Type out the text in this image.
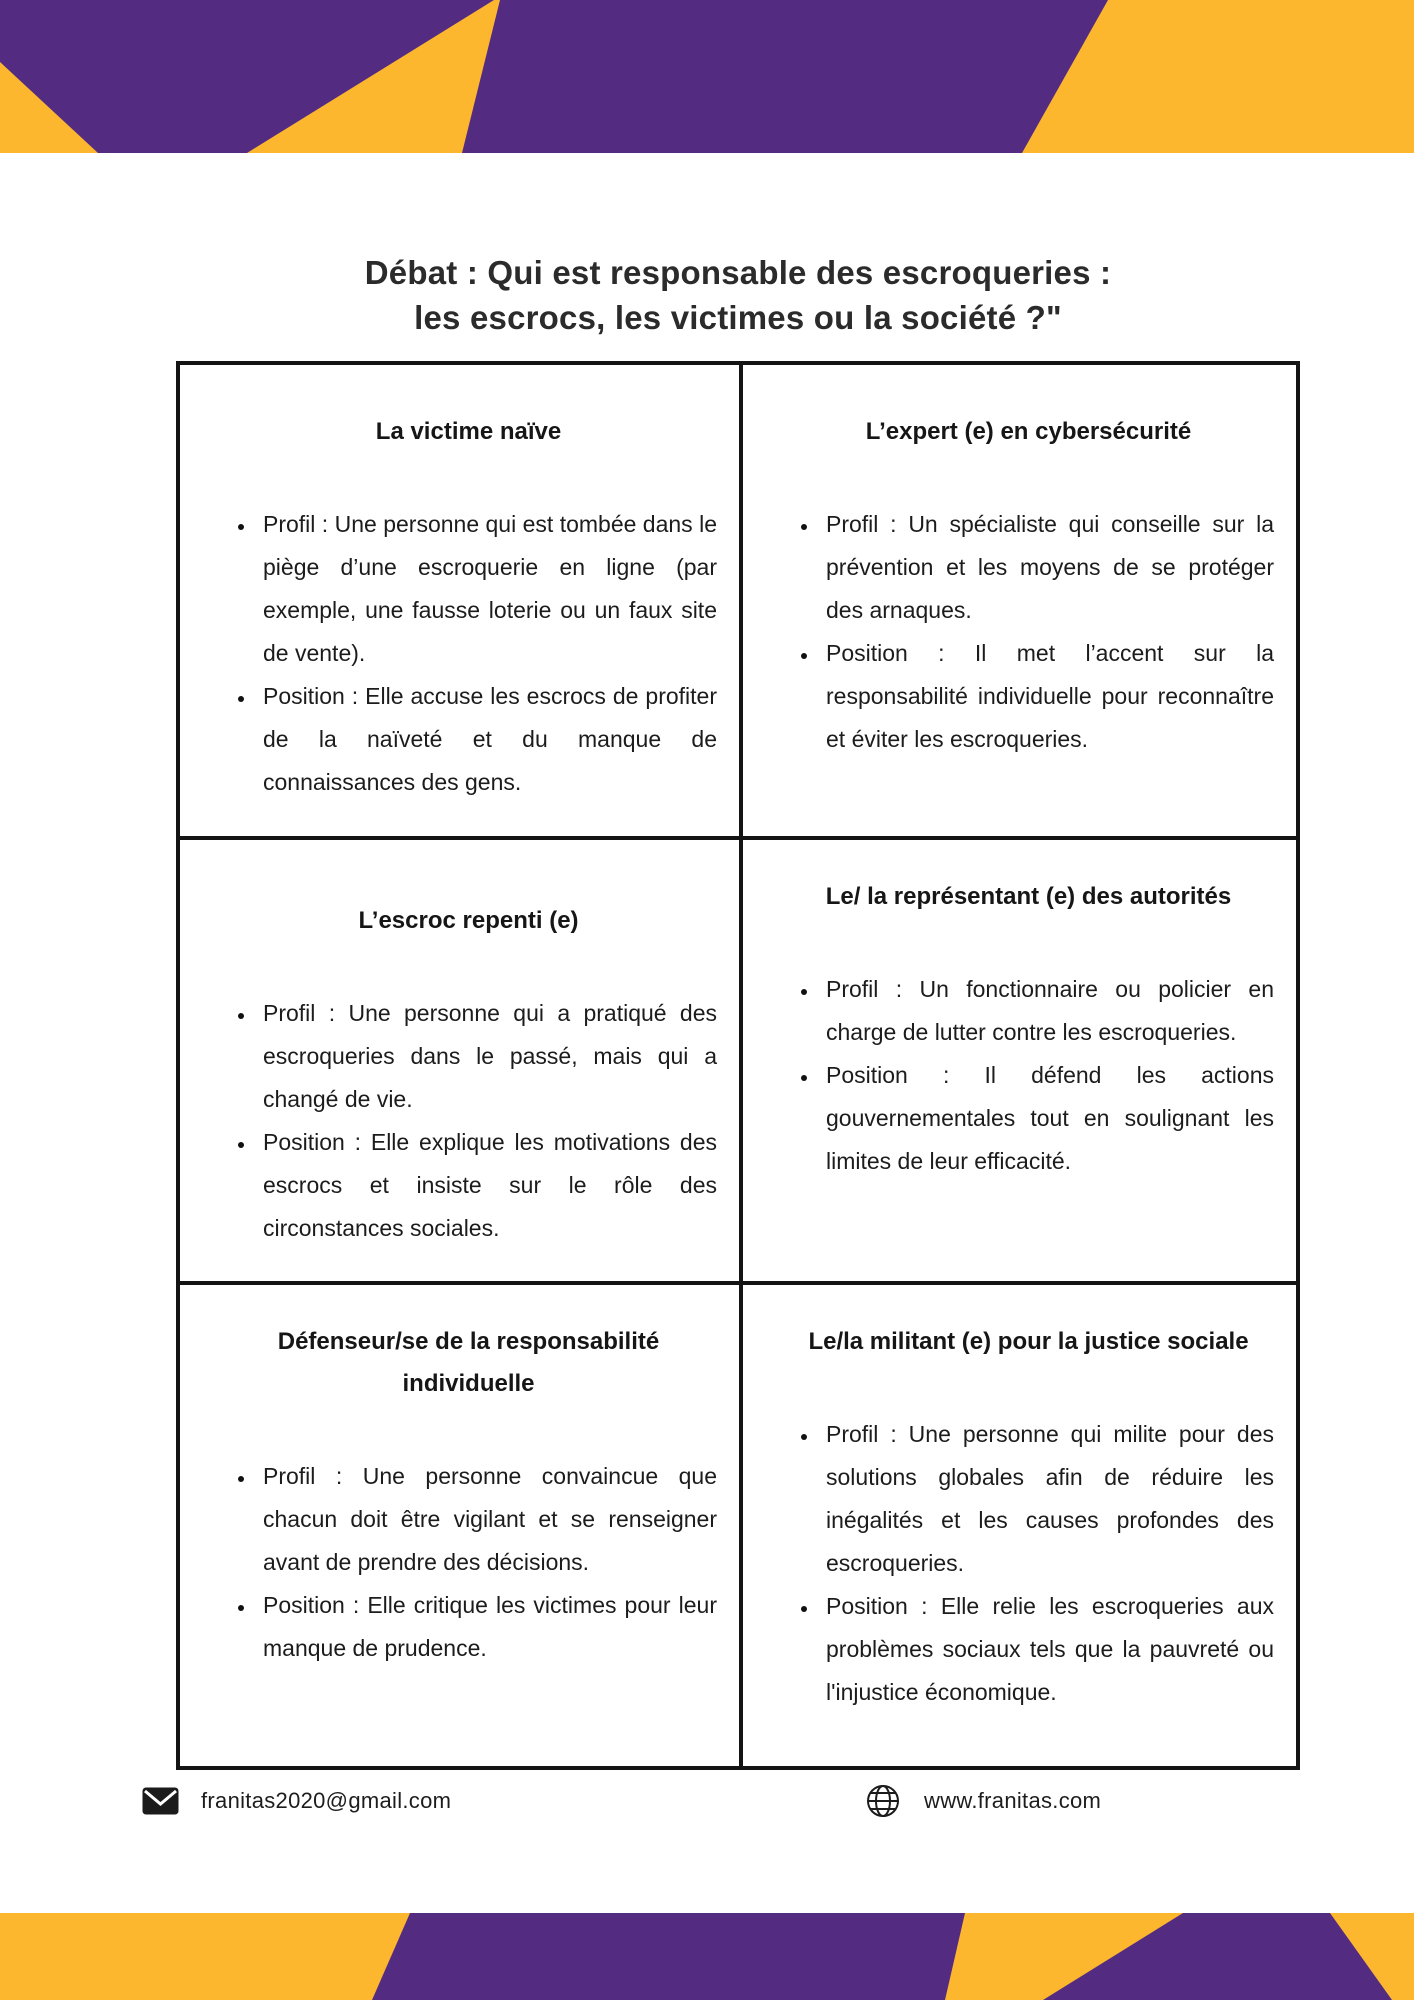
Débat : Qui est responsable des escroqueries :
les escrocs, les victimes ou la société ?"
La victime naïve
• Profil : Une personne qui est tombée dans le piège d’une escroquerie en ligne (par exemple, une fausse loterie ou un faux site de vente).
• Position : Elle accuse les escrocs de profiter de la naïveté et du manque de connaissances des gens.
L’expert (e) en cybersécurité
• Profil : Un spécialiste qui conseille sur la prévention et les moyens de se protéger des arnaques.
• Position : Il met l’accent sur la responsabilité individuelle pour reconnaître et éviter les escroqueries.
L’escroc repenti (e)
• Profil : Une personne qui a pratiqué des escroqueries dans le passé, mais qui a changé de vie.
• Position : Elle explique les motivations des escrocs et insiste sur le rôle des circonstances sociales.
Le/ la représentant (e) des autorités
• Profil : Un fonctionnaire ou policier en charge de lutter contre les escroqueries.
• Position : Il défend les actions gouvernementales tout en soulignant les limites de leur efficacité.
Défenseur/se de la responsabilité individuelle
• Profil : Une personne convaincue que chacun doit être vigilant et se renseigner avant de prendre des décisions.
• Position : Elle critique les victimes pour leur manque de prudence.
Le/la militant (e) pour la justice sociale
• Profil : Une personne qui milite pour des solutions globales afin de réduire les inégalités et les causes profondes des escroqueries.
• Position : Elle relie les escroqueries aux problèmes sociaux tels que la pauvreté ou l'injustice économique.
franitas2020@gmail.com	www.franitas.com
